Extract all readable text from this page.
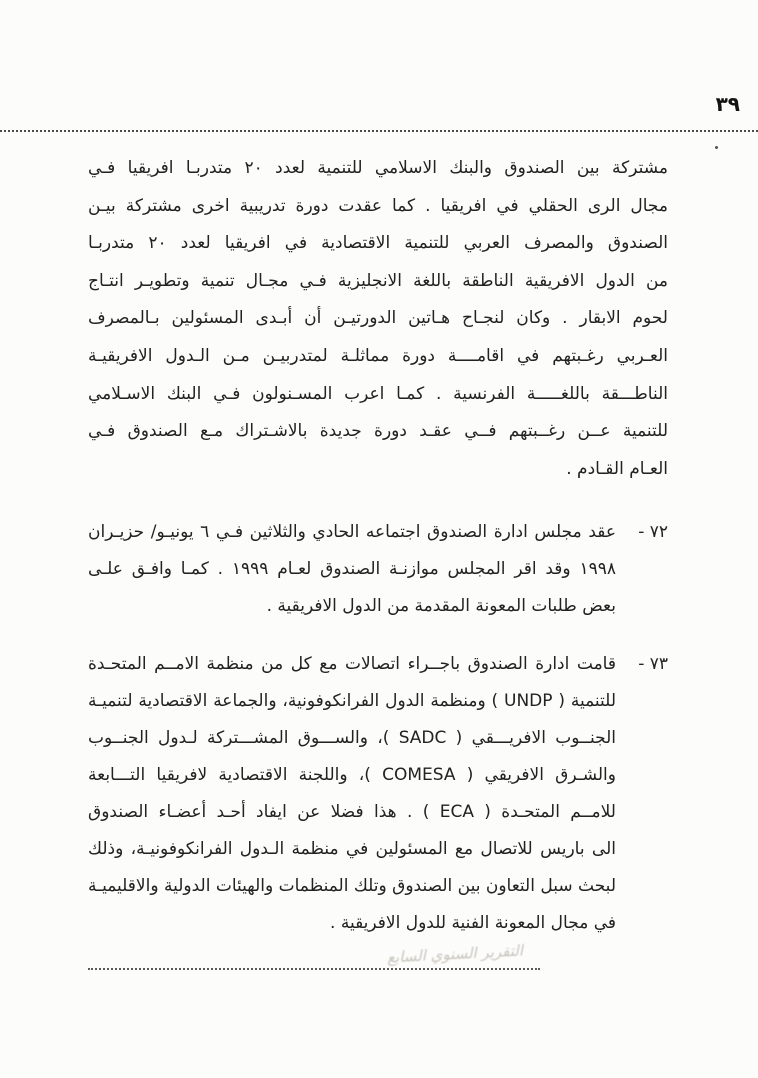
٣٩
مشتركة بين الصندوق والبنك الاسلامي للتنمية لعدد ٢٠ متدربـا افريقيا فـي
مجال الرى الحقلي في افريقيا . كما عقدت دورة تدريبية اخرى مشتركة بيـن
الصندوق والمصرف العربي للتنمية الاقتصادية في افريقيا لعدد ٢٠ متدربـا
من الدول الافريقية الناطقة باللغة الانجليزية فـي مجـال تنمية وتطويـر انتـاج
لحوم الابقار . وكان لنجـاح هـاتين الدورتيـن أن أبـدى المسئولين بـالمصرف
العـربي رغـبتهم في اقامــــة دورة مماثلـة لمتدربيـن مـن الـدول الافريقيـة
الناطـــقة باللغـــــة الفرنسية . كمـا اعرب المسـنولون فـي البنك الاسـلامي
للتنمية عــن رغــبتهم فــي عقـد دورة جديدة بالاشـتراك مـع الصندوق فـي
العـام القـادم .
٧٢ -
عقد مجلس ادارة الصندوق اجتماعه الحادي والثلاثين فـي ٦ يونيـو/ حزيـران
١٩٩٨ وقد اقر المجلس موازنـة الصندوق لعـام ١٩٩٩ . كمـا وافـق علـى
بعض طلبات المعونة المقدمة من الدول الافريقية .
٧٣ -
قامت ادارة الصندوق باجــراء اتصالات مع كل من منظمة الامــم المتحـدة
للتنمية ( UNDP ) ومنظمة الدول الفرانكوفونية، والجماعة الاقتصادية لتنميـة
الجنــوب الافريـــقي ( SADC )، والســـوق المشـــتركة لـدول الجنــوب
والشـرق الافريقي ( COMESA )، واللجنة الاقتصادية لافريقيا التـــابعة
للامــم المتحـدة ( ECA ) . هذا فضلا عن ايفاد أحـد أعضـاء الصندوق
الى باريس للاتصال مع المسئولين في منظمة الـدول الفرانكوفونيـة، وذلك
لبحث سبل التعاون بين الصندوق وتلك المنظمات والهيئات الدولية والاقليميـة
في مجال المعونة الفنية للدول الافريقية .
التقرير السنوي السابع
